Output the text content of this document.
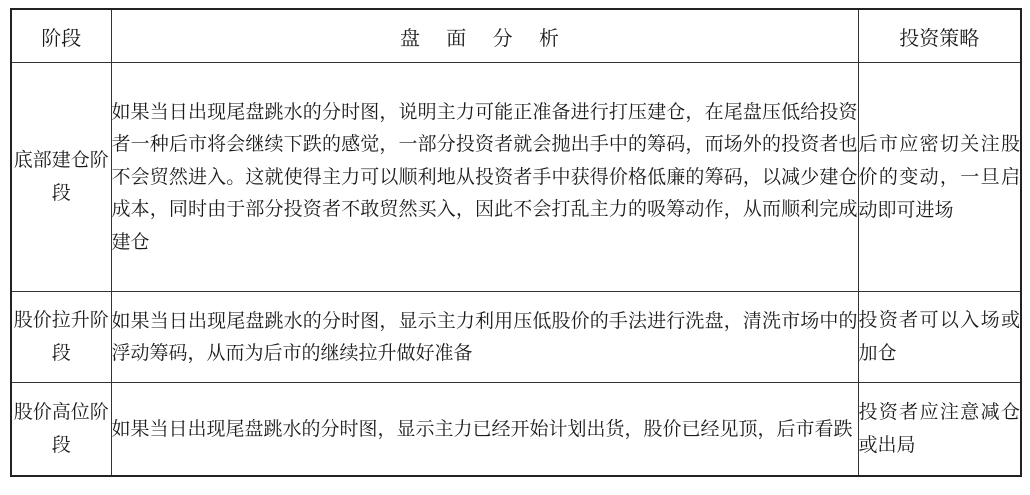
阶段	盘 面 分 析	投资策略
底部建仓阶段	如果当日出现尾盘跳水的分时图，说明主力可能正准备进行打压建仓，在尾盘压低给投资者一种后市将会继续下跌的感觉，一部分投资者就会抛出手中的筹码，而场外的投资者也不会贸然进入。这就使得主力可以顺利地从投资者手中获得价格低廉的筹码，以减少建仓成本，同时由于部分投资者不敢贸然买入，因此不会打乱主力的吸筹动作，从而顺利完成建仓	后市应密切关注股价的变动，一旦启动即可进场
股价拉升阶段	如果当日出现尾盘跳水的分时图，显示主力利用压低股价的手法进行洗盘，清洗市场中的浮动筹码，从而为后市的继续拉升做好准备	投资者可以入场或加仓
股价高位阶段	如果当日出现尾盘跳水的分时图，显示主力已经开始计划出货，股价已经见顶，后市看跌	投资者应注意减仓或出局
